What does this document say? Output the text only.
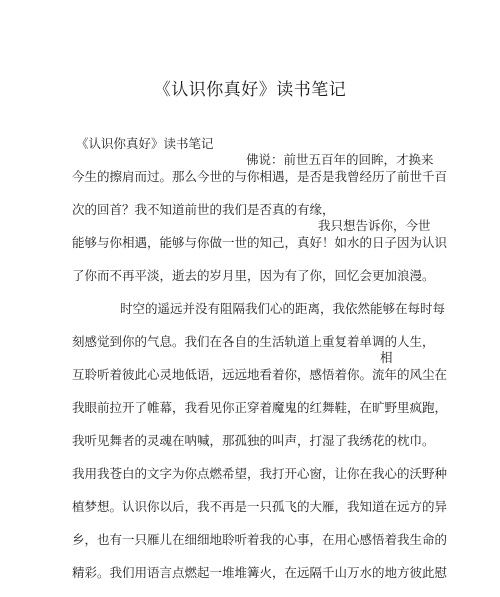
《认识你真好》读书笔记

《认识你真好》读书笔记

佛说：前世五百年的回眸，才换来

今生的擦肩而过。那么今世的与你相遇，是否是我曾经历了前世千百

次的回首？我不知道前世的我们是否真的有缘，

我只想告诉你，今世

能够与你相遇，能够与你做一世的知己，真好！如水的日子因为认识

了你而不再平淡，逝去的岁月里，因为有了你，回忆会更加浪漫。

时空的遥远并没有阻隔我们心的距离，我依然能够在每时每

刻感觉到你的气息。我们在各自的生活轨道上重复着单调的人生，

相

互聆听着彼此心灵地低语，远远地看着你，感悟着你。流年的风尘在

我眼前拉开了帷幕，我看见你正穿着魔鬼的红舞鞋，在旷野里疯跑，

我听见舞者的灵魂在呐喊，那孤独的叫声，打湿了我绣花的枕巾。

我用我苍白的文字为你点燃希望，我打开心窗，让你在我心的沃野种

植梦想。认识你以后，我不再是一只孤飞的大雁，我知道在远方的异

乡，也有一只雁儿在细细地聆听着我的心事，在用心感悟着我生命的

精彩。我们用语言点燃起一堆堆篝火，在远隔千山万水的地方彼此慰
